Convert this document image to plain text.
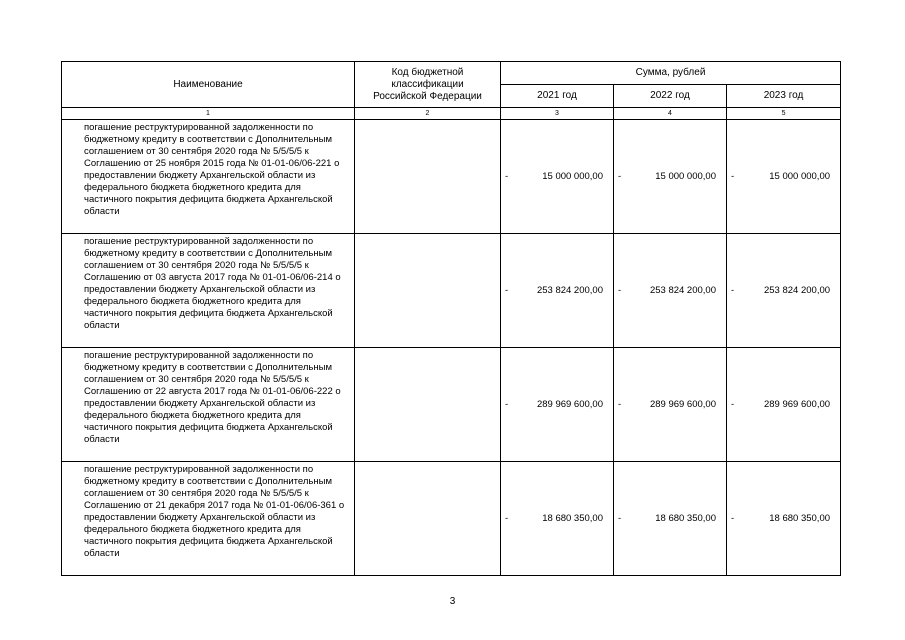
Наименование	Код бюджетной классификации Российской Федерации	Сумма, рублей		
		2021 год	2022 год	2023 год
1	2	3	4	5
погашение реструктурированной задолженности по бюджетному кредиту в соответствии с Дополнительным соглашением от 30 сентября 2020 года № 5/5/5/5 к Соглашению от 25 ноября 2015 года № 01-01-06/06-221 о предоставлении бюджету Архангельской области из федерального бюджета бюджетного кредита для частичного покрытия дефицита бюджета Архангельской области		- 15 000 000,00	- 15 000 000,00	- 15 000 000,00

погашение реструктурированной задолженности по бюджетному кредиту в соответствии с Дополнительным соглашением от 30 сентября 2020 года № 5/5/5/5 к Соглашению от 03 августа 2017 года № 01-01-06/06-214 о предоставлении бюджету Архангельской области из федерального бюджета бюджетного кредита для частичного покрытия дефицита бюджета Архангельской области		- 253 824 200,00	- 253 824 200,00	- 253 824 200,00

погашение реструктурированной задолженности по бюджетному кредиту в соответствии с Дополнительным соглашением от 30 сентября 2020 года № 5/5/5/5 к Соглашению от 22 августа 2017 года № 01-01-06/06-222 о предоставлении бюджету Архангельской области из федерального бюджета бюджетного кредита для частичного покрытия дефицита бюджета Архангельской области		- 289 969 600,00	- 289 969 600,00	- 289 969 600,00

погашение реструктурированной задолженности по бюджетному кредиту в соответствии с Дополнительным соглашением от 30 сентября 2020 года № 5/5/5/5 к Соглашению от 21 декабря 2017 года № 01-01-06/06-361 о предоставлении бюджету Архангельской области из федерального бюджета бюджетного кредита для частичного покрытия дефицита бюджета Архангельской области		- 18 680 350,00	- 18 680 350,00	- 18 680 350,00
3
